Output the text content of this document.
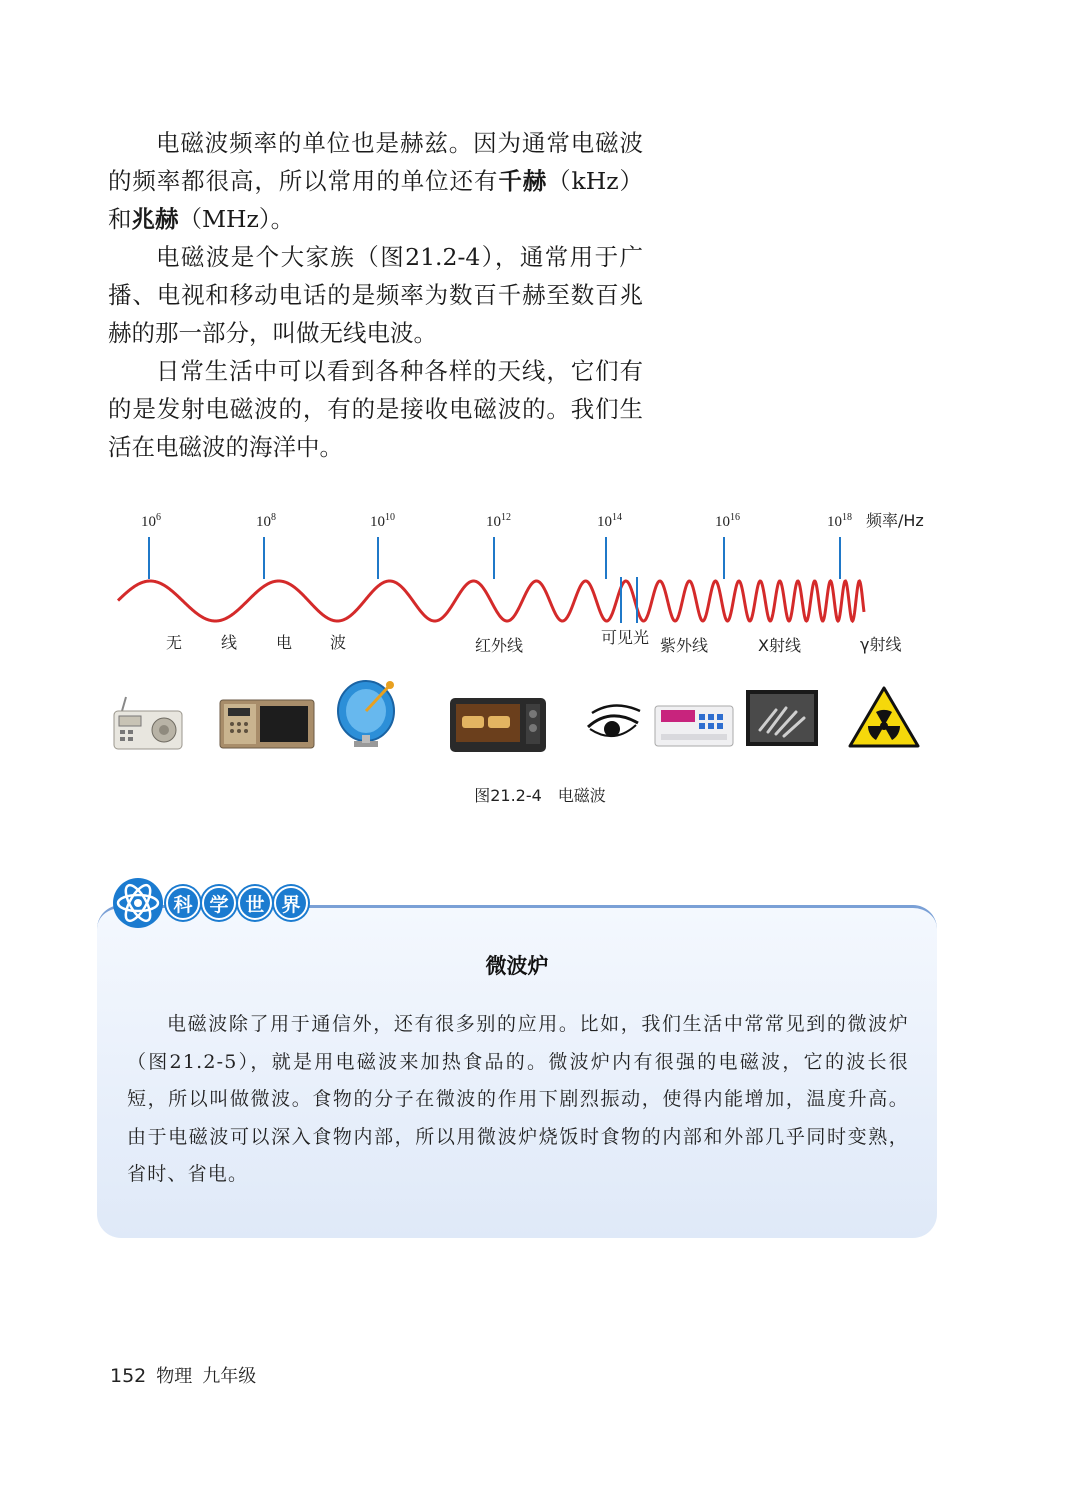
电磁波频率的单位也是赫兹。因为通常电磁波的频率都很高，所以常用的单位还有千赫（kHz）和兆赫（MHz）。

电磁波是个大家族（图21.2-4），通常用于广播、电视和移动电话的是频率为数百千赫至数百兆赫的那一部分，叫做无线电波。

日常生活中可以看到各种各样的天线，它们有的是发射电磁波的，有的是接收电磁波的。我们生活在电磁波的海洋中。

$10^6$	$10^8$	$10^{10}$	$10^{12}$	$10^{14}$	$10^{16}$	$10^{18}$ 频率/Hz
无 线 电 波	红外线	可见光 紫外线	X射线	γ射线
图21.2-4　电磁波
科 学 世 界
微波炉

电磁波除了用于通信外，还有很多别的应用。比如，我们生活中常常见到的微波炉（图21.2-5），就是用电磁波来加热食品的。微波炉内有很强的电磁波，它的波长很短，所以叫做微波。食物的分子在微波的作用下剧烈振动，使得内能增加，温度升高。由于电磁波可以深入食物内部，所以用微波炉烧饭时食物的内部和外部几乎同时变熟，省时、省电。

152 物理 九年级
